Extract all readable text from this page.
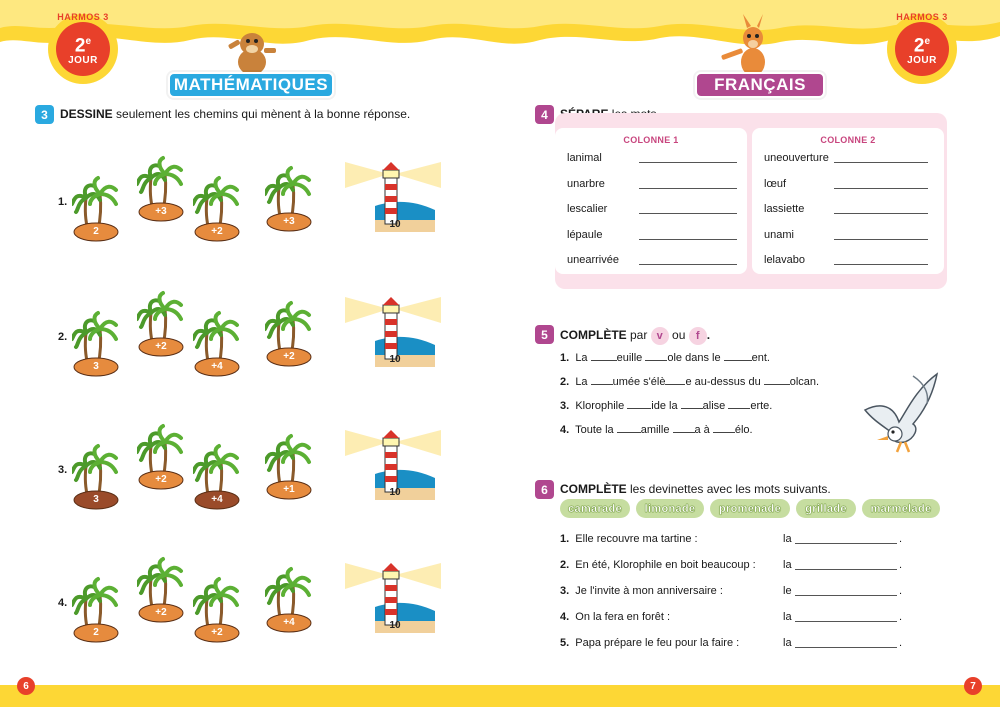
HARMOS 3
2e
JOUR
HARMOS 3
2e
JOUR
MATHÉMATIQUES	FRANÇAIS
3	DESSINE seulement les chemins qui mènent à la bonne réponse.
1.
2
+3
+2
+3	10
2.
3
+2
+4
+2	10
3.
3
+2
+4
+1	10
4.
2
+2
+2
+4	10
6
4
COLONNE 1
lanimal
unarbre
lescalier
lépaule
unearrivée
COLONNE 2
uneouverture
lœuf
lassiette
unami
lelavabo
5	COMPLÈTE par v ou f .
1. La euille ole dans le	ent.
2. La umée s'élè e au-dessus du olcan.
3. Klorophile ide la alise erte.
4. Toute la amille a à élo.
6	COMPLÈTE les devinettes avec les mots suivants.
camarade	limonade	promenade	grillade	marmelade
1.  Elle recouvre ma tartine :	la	.
2.  En été, Klorophile en boit beaucoup : la	.
3.  Je l'invite à mon anniversaire :	le	.
4.  On la fera en forêt :	la	.
5.  Papa prépare le feu pour la faire :	la	.
7
